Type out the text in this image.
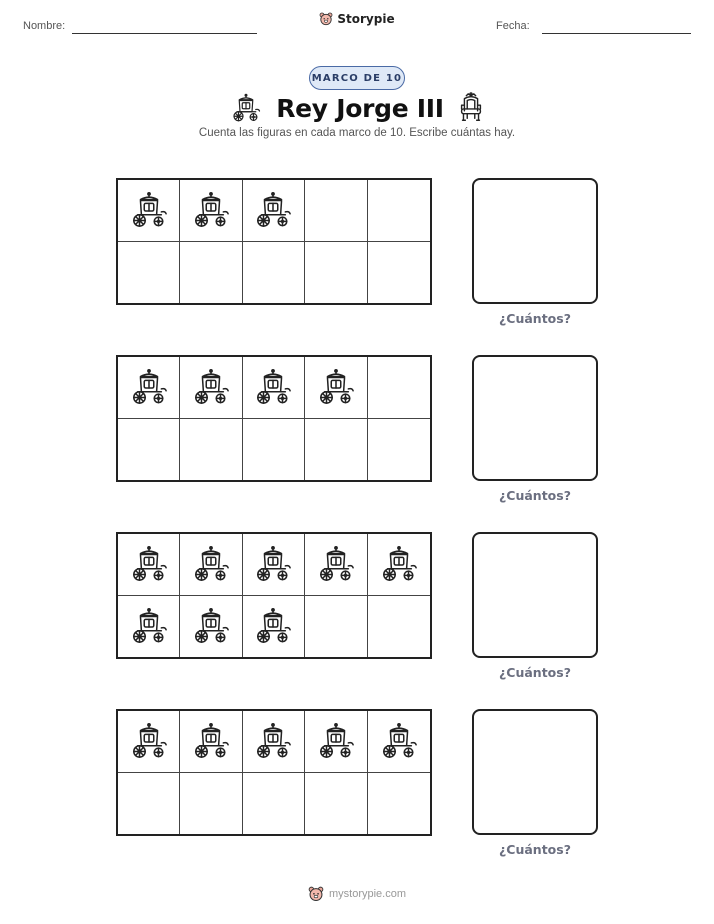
Nombre:	Storypie	Fecha:
MARCO DE 10
Rey Jorge III
Cuenta las figuras en cada marco de 10. Escribe cuántas hay.
¿Cuántos?
¿Cuántos?
¿Cuántos?
¿Cuántos?
mystorypie.com
